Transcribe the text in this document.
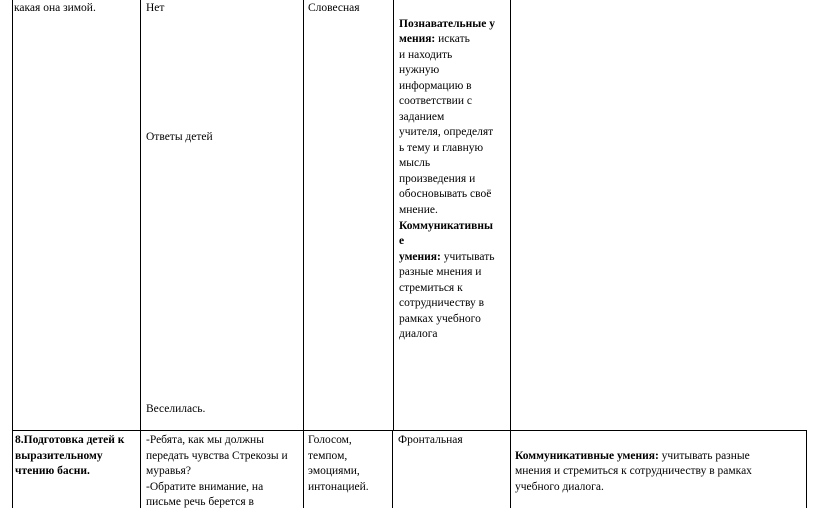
какая она зимой.	Нет
Ответы детей
Веселилась.
Словесная

Познавательные у
мения: искать
и находить
нужную
информацию в
соответствии с
заданием
учителя, определят
ь тему и главную
мысль
произведения и
обосновывать своё
мнение.

Коммуникативны
е
умения: учитывать
разные мнения и
стремиться к
сотрудничеству в
рамках учебного
диалога

8.Подготовка детей к выразительному чтению басни.
-Ребята, как мы должны
передать чувства Стрекозы и
муравья?
-Обратите внимание, на
письме речь берется в
Голосом,
темпом,
эмоциями,
интонацией.
Фронтальная

Коммуникативные умения: учитывать разные
мнения и стремиться к сотрудничеству в рамках
учебного диалога.
